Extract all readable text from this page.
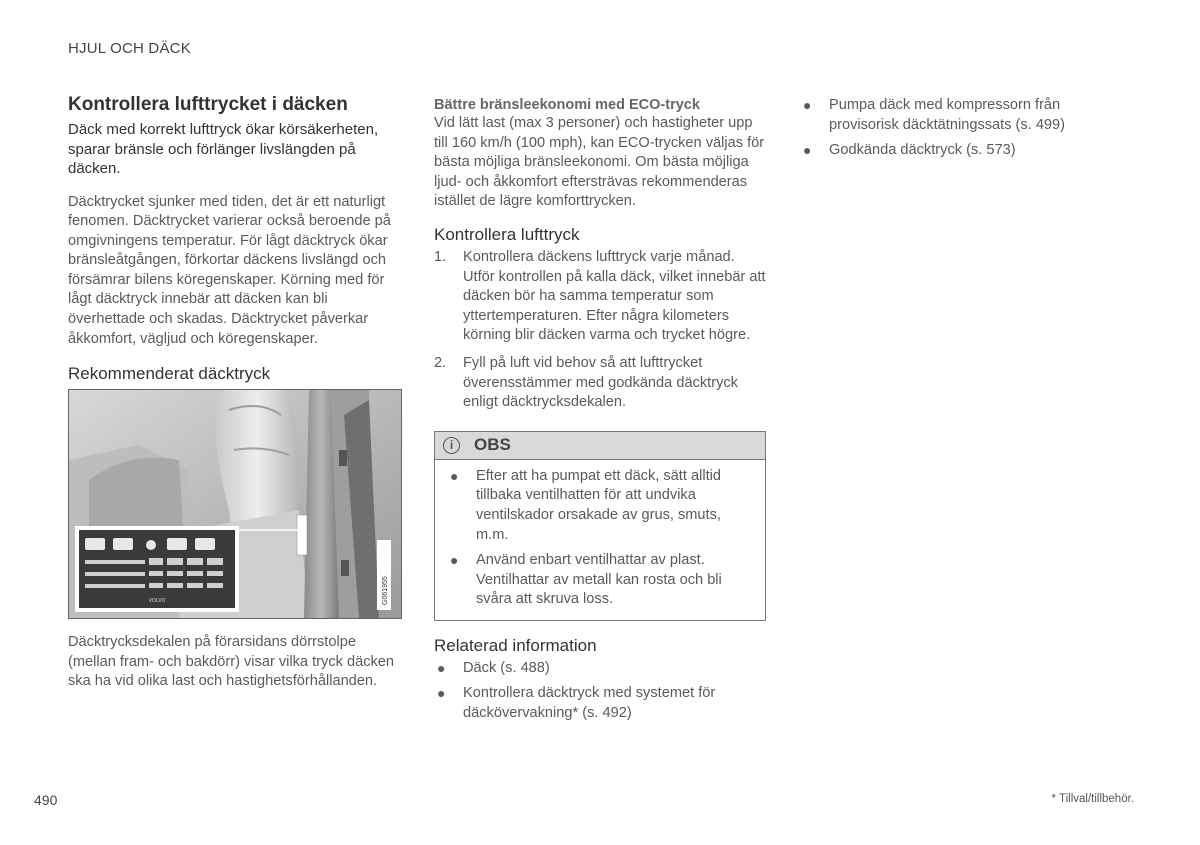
HJUL OCH DÄCK
Kontrollera lufttrycket i däcken

Däck med korrekt lufttryck ökar körsäkerheten, sparar bränsle och förlänger livslängden på däcken.

Däcktrycket sjunker med tiden, det är ett naturligt fenomen. Däcktrycket varierar också beroende på omgivningens temperatur. För lågt däcktryck ökar bränsleåtgången, förkortar däckens livslängd och försämrar bilens köregenskaper. Körning med för lågt däcktryck innebär att däcken kan bli överhettade och skadas. Däcktrycket påverkar åkkomfort, vägljud och köregenskaper.

Rekommenderat däcktryck
G061955
VOLVO

Däcktrycksdekalen på förarsidans dörrstolpe (mellan fram- och bakdörr) visar vilka tryck däcken ska ha vid olika last och hastighetsförhållanden.

Bättre bränsleekonomi med ECO-tryck

Vid lätt last (max 3 personer) och hastigheter upp till 160 km/h (100 mph), kan ECO-trycken väljas för bästa möjliga bränsleekonomi. Om bästa möjliga ljud- och åkkomfort eftersträvas rekommenderas istället de lägre komforttrycken.

Kontrollera lufttryck
1. Kontrollera däckens lufttryck varje månad. Utför kontrollen på kalla däck, vilket innebär att däcken bör ha samma temperatur som yttertemperaturen. Efter några kilometers körning blir däcken varma och trycket högre.
2. Fyll på luft vid behov så att lufttrycket överensstämmer med godkända däcktryck enligt däcktrycksdekalen.
i	OBS
● Efter att ha pumpat ett däck, sätt alltid tillbaka ventilhatten för att undvika ventilskador orsakade av grus, smuts, m.m.
● Använd enbart ventilhattar av plast. Ventilhattar av metall kan rosta och bli svåra att skruva loss.
Relaterad information
● Däck (s. 488)
● Kontrollera däcktryck med systemet för däckövervakning* (s. 492)
● Pumpa däck med kompressorn från provisorisk däcktätningssats (s. 499)
● Godkända däcktryck (s. 573)
490	* Tillval/tillbehör.
